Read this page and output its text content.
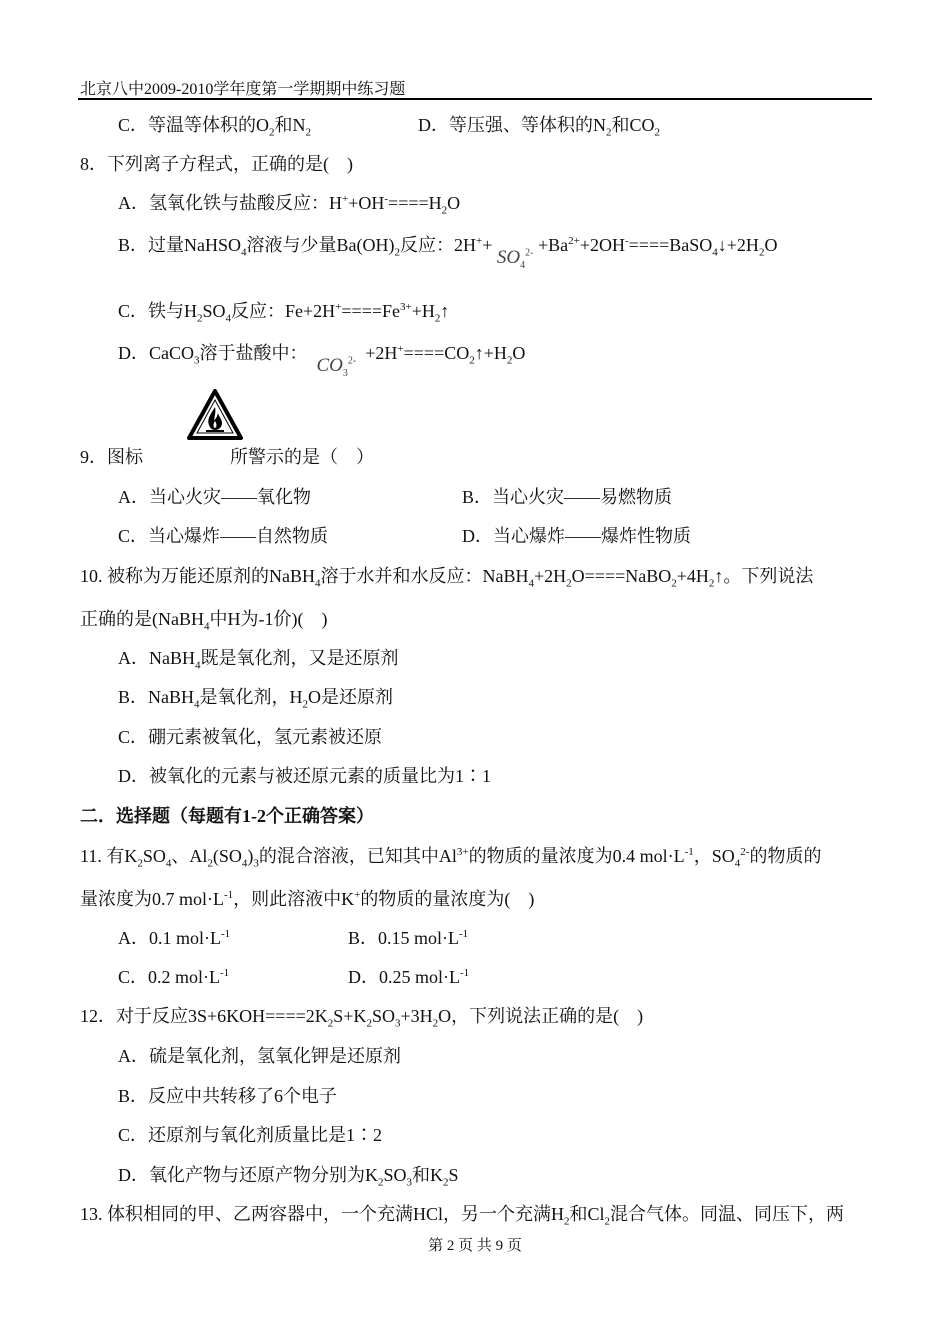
北京八中2009-2010学年度第一学期期中练习题
C．等温等体积的$O_2$和$N_2$	D．等压强、等体积的$N_2$和$CO_2$
8．下列离子方程式，正确的是(　)
A．氢氧化铁与盐酸反应：$H^++OH^-====H_2O$
B．过量NaHSO$_4$溶液与少量$Ba(OH)_2$反应：$2H^++ SO_4^{2-}$ $+Ba^{2+}+2OH^-====BaSO_4↓+2H_2O$
C．铁与$H_2SO_4$反应：$Fe+2H^+====Fe^{3+}+H_2↑$
D．CaCO$_3$溶于盐酸中：  $CO_3^{2-}$ $+2H^+====CO_2↑+H_2O$
9．图标	所警示的是（　）
A．当心火灾——氧化物	B．当心火灾——易燃物质
C．当心爆炸——自然物质	D．当心爆炸——爆炸性物质
10. 被称为万能还原剂的NaBH$_4$溶于水并和水反应：$NaBH_4+2H_2O====NaBO_2+4H_2↑$。下列说法
正确的是(NaBH$_4$中H为-1价)(　)
A．NaBH$_4$既是氧化剂，又是还原剂
B．NaBH$_4$是氧化剂，$H_2O$是还原剂
C．硼元素被氧化，氢元素被还原
D．被氧化的元素与被还原元素的质量比为1∶1
二．选择题（每题有1-2个正确答案）
11. 有$K_2SO_4$、$Al_2(SO_4)_3$的混合溶液，已知其中$Al^{3+}$的物质的量浓度为0.4 $mol\cdot L^{-1}$，$SO_4^{2-}$的物质的
量浓度为0.7 $mol\cdot L^{-1}$，则此溶液中K+的物质的量浓度为(　)
A．0.1 $mol\cdot L^{-1}$	B．0.15 $mol\cdot L^{-1}$
C．0.2 $mol\cdot L^{-1}$	D．0.25 $mol\cdot L^{-1}$
12．对于反应$3S+6KOH====2K_2S+K_2SO_3+3H_2O$，下列说法正确的是(　)
A．硫是氧化剂，氢氧化钾是还原剂
B．反应中共转移了6个电子
C．还原剂与氧化剂质量比是1∶2
D．氧化产物与还原产物分别为$K_2SO_3$和$K_2S$
13. 体积相同的甲、乙两容器中，一个充满HCl，另一个充满$H_2$和$Cl_2$混合气体。同温、同压下，两
第 2 页 共 9 页
